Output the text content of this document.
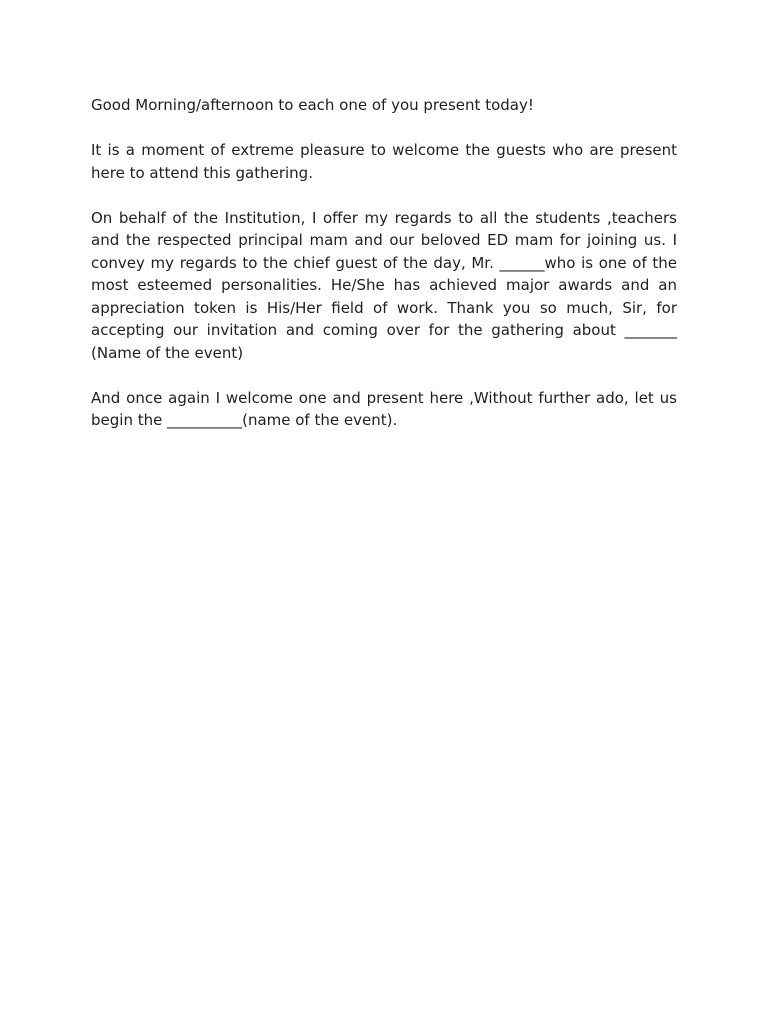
Good Morning/afternoon to each one of you present today!

It is a moment of extreme pleasure to welcome the guests who are present here to attend this gathering.

On behalf of the Institution, I offer my regards to all the students ,teachers and the respected principal mam and our beloved ED mam for joining us. I convey my regards to the chief guest of the day, Mr. ______who is one of the most esteemed personalities. He/She has achieved major awards and an appreciation token is His/Her field of work. Thank you so much, Sir, for accepting our invitation and coming over for the gathering about _______ (Name of the event)

And once again I welcome one and present here ,Without further ado, let us begin the __________(name of the event).
